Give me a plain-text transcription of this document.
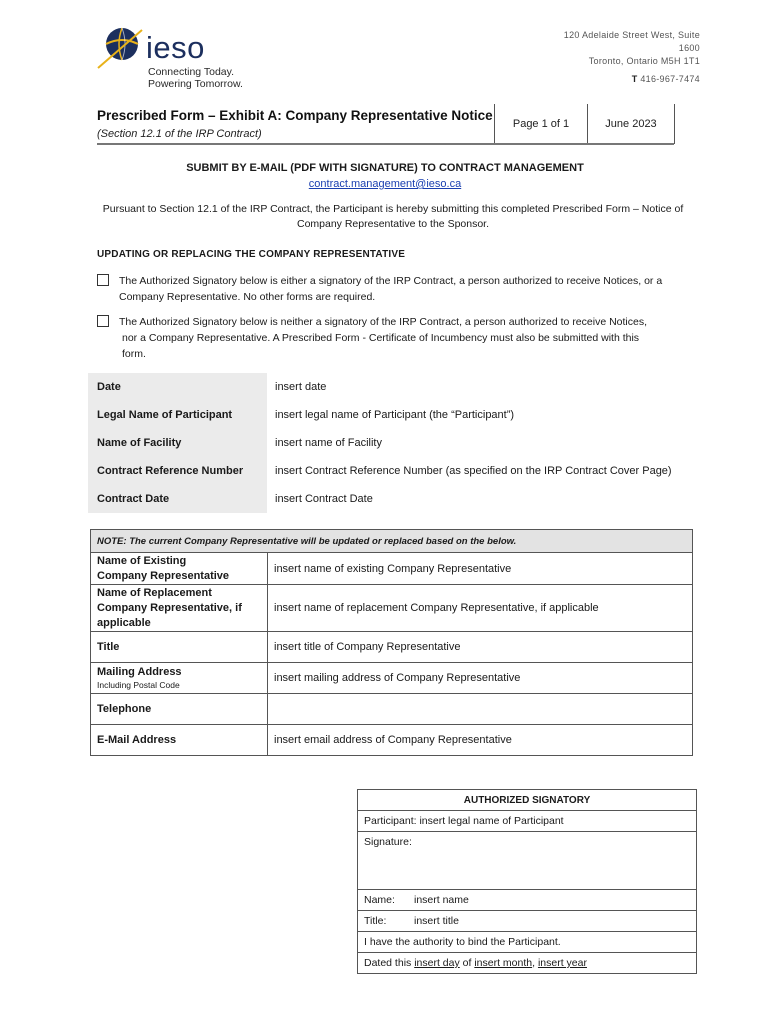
ieso
Connecting Today.
Powering Tomorrow.
120 Adelaide Street West, Suite
1600
Toronto, Ontario M5H 1T1
T 416-967-7474
Prescribed Form – Exhibit A: Company Representative Notice
(Section 12.1 of the IRP Contract)
Page 1 of 1	June 2023
SUBMIT BY E-MAIL (PDF WITH SIGNATURE) TO CONTRACT MANAGEMENT
contract.management@ieso.ca
Pursuant to Section 12.1 of the IRP Contract, the Participant is hereby submitting this completed Prescribed Form – Notice of
Company Representative to the Sponsor.
UPDATING OR REPLACING THE COMPANY REPRESENTATIVE
The Authorized Signatory below is either a signatory of the IRP Contract, a person authorized to receive Notices, or a
Company Representative. No other forms are required.
The Authorized Signatory below is neither a signatory of the IRP Contract, a person authorized to receive Notices,
nor a Company Representative. A Prescribed Form - Certificate of Incumbency must also be submitted with this
form.
Date	insert date
Legal Name of Participant	insert legal name of Participant (the “Participant”)
Name of Facility	insert name of Facility
Contract Reference Number	insert Contract Reference Number (as specified on the IRP Contract Cover Page)
Contract Date	insert Contract Date
NOTE: The current Company Representative will be updated or replaced based on the below.	

Name of Existing
Company Representative	insert name of existing Company Representative

Name of Replacement
Company Representative, if
applicable	insert name of replacement Company Representative, if applicable
Title	insert title of Company Representative

Mailing Address
Including Postal Code	insert mailing address of Company Representative
Telephone	
E-Mail Address	insert email address of Company Representative
AUTHORIZED SIGNATORY
Participant: insert legal name of Participant
Signature:
Name: insert name
Title:	insert title
I have the authority to bind the Participant.
Dated this insert day of insert month, insert year
